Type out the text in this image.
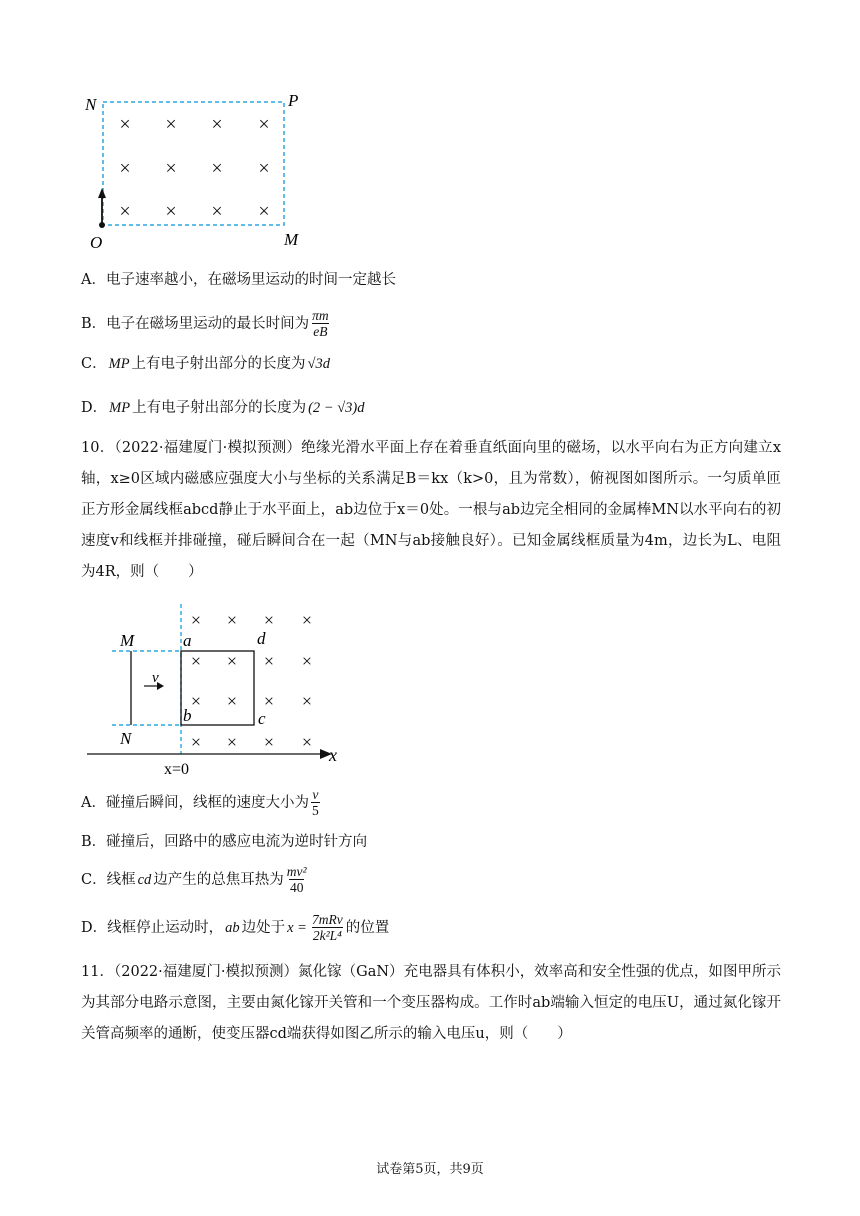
× × × ×
× × × ×
× × × ×
N	P
O	M
A．电子速率越小，在磁场里运动的时间一定越长
B．电子在磁场里运动的最长时间为 $\frac{\pi m}{eB}$
C． MP 上有电子射出部分的长度为 √3d
D． MP 上有电子射出部分的长度为 (2 − √3)d
10．（2022·福建厦门·模拟预测）绝缘光滑水平面上存在着垂直纸面向里的磁场，以水平向右为正方向建立x轴，x≥0区域内磁感应强度大小与坐标的关系满足B＝kx（k>0，且为常数），俯视图如图所示。一匀质单匝正方形金属线框abcd静止于水平面上，ab边位于x＝0处。一根与ab边完全相同的金属棒MN以水平向右的初速度v和线框并排碰撞，碰后瞬间合在一起（MN与ab接触良好）。已知金属线框质量为4m，边长为L、电阻为4R，则（　　）
× × × ×
× × × ×
× × × ×
× × × ×
M
N
a
b	c
d
v
x
x=0
A．碰撞后瞬间，线框的速度大小为 $\frac{v}{5}$
B．碰撞后，回路中的感应电流为逆时针方向
C．线框 cd 边产生的总焦耳热为 $\frac{\text{mv²}}{40}$
D．线框停止运动时， ab 边处于 $x = \frac{\text{7mRv}}{\text{2k²L⁴}}$ 的位置
11．（2022·福建厦门·模拟预测）氮化镓（GaN）充电器具有体积小，效率高和安全性强的优点，如图甲所示为其部分电路示意图，主要由氮化镓开关管和一个变压器构成。工作时ab端输入恒定的电压U，通过氮化镓开关管高频率的通断，使变压器cd端获得如图乙所示的输入电压u，则（　　）
试卷第5页，共9页
